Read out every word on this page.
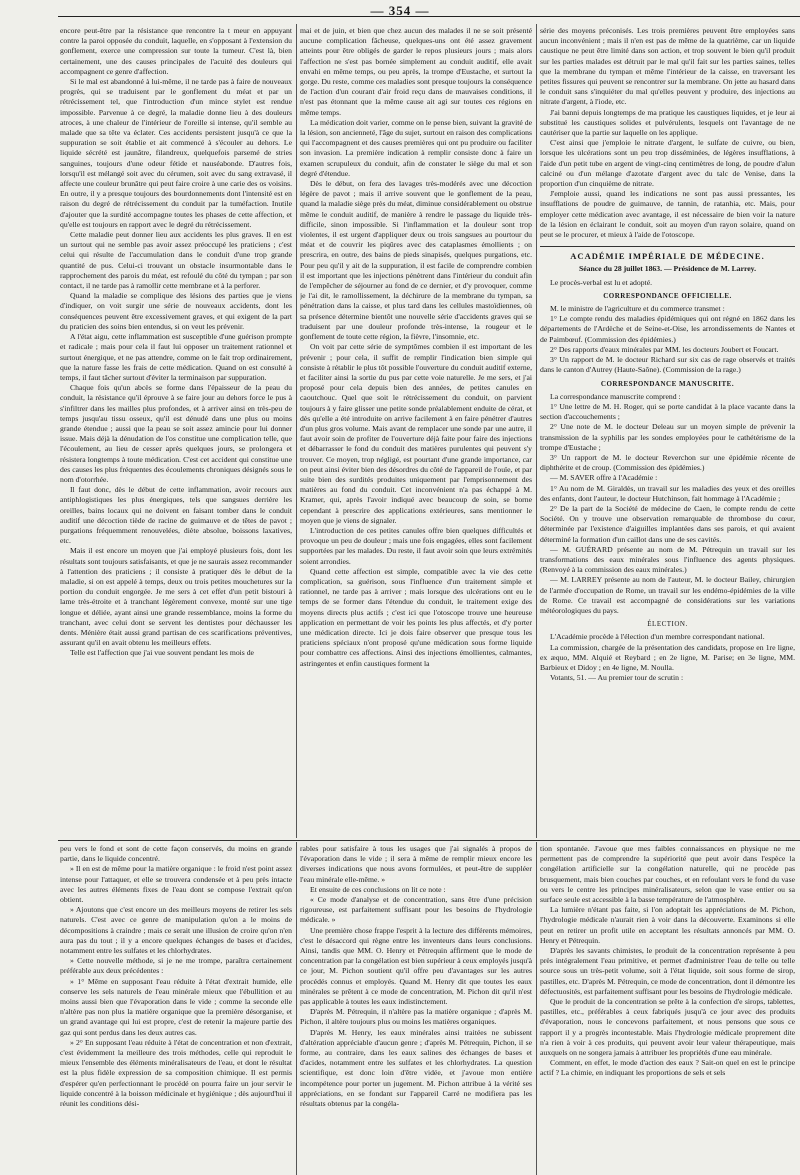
— 354 —

encore peut-être par la résistance que rencontre la t meur en appuyant contre la paroi opposée du conduit, laquelle, en s'opposant à l'extension du gonflement, exerce une compression sur toute la tumeur. C'est là, bien certainement, une des causes principales de l'acuité des douleurs qui accompagnent ce genre d'affection.

Si le mal est abandonné à lui-même, il ne tarde pas à faire de nouveaux progrès, qui se traduisent par le gonflement du méat et par un rétrécissement tel, que l'introduction d'un mince stylet est rendue impossible. Parvenue à ce degré, la maladie donne lieu à des douleurs atroces, à une chaleur de l'intérieur de l'oreille si intense, qu'il semble au malade que sa tête va éclater. Ces accidents persistent jusqu'à ce que la suppuration se soit établie et ait commencé à s'écouler au dehors. Le liquide sécrété est jaunâtre, filandreux, quelquefois parsemé de stries sanguines, toujours d'une odeur fétide et nauséabonde. D'autres fois, lorsqu'il est mélangé soit avec du cérumen, soit avec du sang extravasé, il affecte une couleur brunâtre qui peut faire croire à une carie des os voisins. En outre, il y a presque toujours des bourdonnements dont l'intensité est en raison du degré de rétrécissement du conduit par la tuméfaction. Inutile d'ajouter que la surdité accompagne toutes les phases de cette affection, et qu'elle est toujours en rapport avec le degré du rétrécissement.

Cette maladie peut donner lieu aux accidents les plus graves. Il en est un surtout qui ne semble pas avoir assez préoccupé les praticiens ; c'est celui qui résulte de l'accumulation dans le conduit d'une trop grande quantité de pus. Celui-ci trouvant un obstacle insurmontable dans le rapprochement des parois du méat, est refoulé du côté du tympan ; par son contact, il ne tarde pas à ramollir cette membrane et à la perforer.

Quand la maladie se complique des lésions des parties que je viens d'indiquer, on voit surgir une série de nouveaux accidents, dont les conséquences peuvent être excessivement graves, et qui exigent de la part du praticien des soins bien entendus, si on veut les prévenir.

A l'état aigu, cette inflammation est susceptible d'une guérison prompte et radicale ; mais pour cela il faut lui opposer un traitement rationnel et surtout énergique, et ne pas attendre, comme on le fait trop ordinairement, que la nature fasse les frais de cette médication. Quand on est consulté à temps, il faut tâcher surtout d'éviter la terminaison par suppuration.

Chaque fois qu'un abcès se forme dans l'épaisseur de la peau du conduit, la résistance qu'il éprouve à se faire jour au dehors force le pus à s'infiltrer dans les mailles plus profondes, et à arriver ainsi en très-peu de temps jusqu'au tissu osseux, qu'il est dénudé dans une plus ou moins grande étendue ; aussi que la peau se soit assez amincie pour lui donner issue. Mais déjà la dénudation de l'os constitue une complication telle, que l'écoulement, au lieu de cesser après quelques jours, se prolongera et résistera longtemps à toute médication. C'est cet accident qui constitue une des causes les plus fréquentes des écoulements chroniques désignés sous le nom d'otorrhée.

Il faut donc, dès le début de cette inflammation, avoir recours aux antiphlogistiques les plus énergiques, tels que sangsues derrière les oreilles, bains locaux qui ne doivent en faisant tomber dans le conduit auditif une décoction tiède de racine de guimauve et de têtes de pavot ; purgations fréquemment renouvelées, diète absolue, boissons laxatives, etc.

Mais il est encore un moyen que j'ai employé plusieurs fois, dont les résultats sont toujours satisfaisants, et que je ne saurais assez recommander à l'attention des praticiens ; il consiste à pratiquer dès le début de la maladie, si on est appelé à temps, deux ou trois petites mouchetures sur la portion du conduit engorgée. Je me sers à cet effet d'un petit bistouri à lame très-étroite et à tranchant légèrement convexe, monté sur une tige longue et déliée, ayant ainsi une grande ressemblance, moins la forme du tranchant, avec celui dont se servent les dentistes pour déchausser les dents. Ménière était aussi grand partisan de ces scarifications préventives, assurant qu'il en avait obtenu les meilleurs effets.

Telle est l'affection que j'ai vue souvent pendant les mois de

mai et de juin, et bien que chez aucun des malades il ne se soit présenté aucune complication fâcheuse, quelques-uns ont été assez gravement atteints pour être obligés de garder le repos plusieurs jours ; mais alors l'affection ne s'est pas bornée simplement au conduit auditif, elle avait envahi en même temps, ou peu après, la trompe d'Eustache, et surtout la gorge. Du reste, comme ces maladies sont presque toujours la conséquence de l'action d'un courant d'air froid reçu dans de mauvaises conditions, il n'est pas étonnant que la même cause ait agi sur toutes ces régions en même temps.

La médication doit varier, comme on le pense bien, suivant la gravité de la lésion, son ancienneté, l'âge du sujet, surtout en raison des complications qui l'accompagnent et des causes premières qui ont pu produire ou faciliter son invasion. La première indication à remplir consiste donc à faire un examen scrupuleux du conduit, afin de constater le siège du mal et son degré d'étendue.

Dès le début, on fera des lavages très-modérés avec une décoction légère de pavot ; mais il arrive souvent que le gonflement de la peau, quand la maladie siège près du méat, diminue considérablement ou obstrue même le conduit auditif, de manière à rendre le passage du liquide très-difficile, sinon impossible. Si l'inflammation et la douleur sont trop violentes, il est urgent d'appliquer deux ou trois sangsues au pourtour du méat et de couvrir les piqûres avec des cataplasmes émollients ; on prescrira, en outre, des bains de pieds sinapisés, quelques purgations, etc. Pour peu qu'il y ait de la suppuration, il est facile de comprendre combien il est important que les injections pénètrent dans l'intérieur du conduit afin de l'empêcher de séjourner au fond de ce dernier, et d'y provoquer, comme je l'ai dit, le ramollissement, la déchirure de la membrane du tympan, sa pénétration dans la caisse, et plus tard dans les cellules mastoïdiennes, où sa présence détermine bientôt une nouvelle série d'accidents graves qui se traduisent par une douleur profonde très-intense, la rougeur et le gonflement de toute cette région, la fièvre, l'insomnie, etc.

On voit par cette série de symptômes combien il est important de les prévenir ; pour cela, il suffit de remplir l'indication bien simple qui consiste à rétablir le plus tôt possible l'ouverture du conduit auditif externe, et faciliter ainsi la sortie du pus par cette voie naturelle. Je me sers, et j'ai proposé pour cela depuis bien des années, de petites canules en caoutchouc. Quel que soit le rétrécissement du conduit, on parvient toujours à y faire glisser une petite sonde préalablement enduite de cérat, et dès qu'elle a été introduite on arrive facilement à en faire pénétrer d'autres d'un plus gros volume. Mais avant de remplacer une sonde par une autre, il faut avoir soin de profiter de l'ouverture déjà faite pour faire des injections et débarrasser le fond du conduit des matières purulentes qui peuvent s'y trouver. Ce moyen, trop négligé, est pourtant d'une grande importance, car on peut ainsi éviter bien des désordres du côté de l'appareil de l'ouïe, et par suite bien des surdités produites uniquement par l'emprisonnement des matières au fond du conduit. Cet inconvénient n'a pas échappé à M. Kramer, qui, après l'avoir indiqué avec beaucoup de soin, se borne cependant à prescrire des applications extérieures, sans mentionner le moyen que je viens de signaler.

L'introduction de ces petites canules offre bien quelques difficultés et provoque un peu de douleur ; mais une fois engagées, elles sont facilement supportées par les malades. Du reste, il faut avoir soin que leurs extrémités soient arrondies.

Quand cette affection est simple, compatible avec la vie des cette complication, sa guérison, sous l'influence d'un traitement simple et rationnel, ne tarde pas à arriver ; mais lorsque des ulcérations ont eu le temps de se former dans l'étendue du conduit, le traitement exige des moyens directs plus actifs ; c'est ici que l'otoscope trouve une heureuse application en permettant de voir les points les plus affectés, et d'y porter une médication directe. Ici je dois faire observer que presque tous les praticiens spéciaux n'ont proposé qu'une médication sous forme liquide pour combattre ces affections. Ainsi des injections émollientes, calmantes, astringentes et enfin caustiques forment la

série des moyens préconisés. Les trois premières peuvent être employées sans aucun inconvénient ; mais il n'en est pas de même de la quatrième, car un liquide caustique ne peut être limité dans son action, et trop souvent le bien qu'il produit sur les parties malades est détruit par le mal qu'il fait sur les parties saines, telles que la membrane du tympan et même l'intérieur de la caisse, en traversant les petites fissures qui peuvent se rencontrer sur la membrane. On jette au hasard dans le conduit sans s'inquiéter du mal qu'elles peuvent y produire, des injections au nitrate d'argent, à l'iode, etc.

J'ai banni depuis longtemps de ma pratique les caustiques liquides, et je leur ai substitué les caustiques solides et pulvérulents, lesquels ont l'avantage de ne cautériser que la partie sur laquelle on les applique.

C'est ainsi que j'emploie le nitrate d'argent, le sulfate de cuivre, ou bien, lorsque les ulcérations sont un peu trop disséminées, de légères insufflations, à l'aide d'un petit tube en argent de vingt-cinq centimètres de long, de poudre d'alun calciné ou d'un mélange d'azotate d'argent avec du talc de Venise, dans la proportion d'un cinquième de nitrate.

J'emploie aussi, quand les indications ne sont pas aussi pressantes, les insufflations de poudre de guimauve, de tannin, de ratanhia, etc. Mais, pour employer cette médication avec avantage, il est nécessaire de bien voir la nature de la lésion en éclairant le conduit, soit au moyen d'un rayon solaire, quand on peut se le procurer, et mieux à l'aide de l'otoscope.

ACADÉMIE IMPÉRIALE DE MÉDECINE.
Séance du 28 juillet 1863. — Présidence de M. Larrey.

Le procès-verbal est lu et adopté.

CORRESPONDANCE OFFICIELLE.

M. le ministre de l'agriculture et du commerce transmet :

1° Le compte rendu des maladies épidémiques qui ont régné en 1862 dans les départements de l'Ardèche et de Seine-et-Oise, les arrondissements de Nantes et de Paimbœuf. (Commission des épidémies.)

2° Des rapports d'eaux minérales par MM. les docteurs Joubert et Foucart.

3° Un rapport de M. le docteur Richard sur six cas de rage observés et traités dans le canton d'Autrey (Haute-Saône). (Commission de la rage.)

CORRESPONDANCE MANUSCRITE.

La correspondance manuscrite comprend :

1° Une lettre de M. H. Roger, qui se porte candidat à la place vacante dans la section d'accouchements ;

2° Une note de M. le docteur Deleau sur un moyen simple de prévenir la transmission de la syphilis par les sondes employées pour le cathétérisme de la trompe d'Eustache ;

3° Un rapport de M. le docteur Reverchon sur une épidémie récente de diphthérite et de croup. (Commission des épidémies.)

— M. SAVER offre à l'Académie :

1° Au nom de M. Giraldès, un travail sur les maladies des yeux et des oreilles des enfants, dont l'auteur, le docteur Hutchinson, fait hommage à l'Académie ;

2° De la part de la Société de médecine de Caen, le compte rendu de cette Société. On y trouve une observation remarquable de thrombose du cœur, déterminée par l'existence d'aiguilles implantées dans ses parois, et qui avaient déterminé la formation d'un caillot dans une de ses cavités.

— M. GUÉRARD présente au nom de M. Pétrequin un travail sur les transformations des eaux minérales sous l'influence des agents physiques. (Renvoyé à la commission des eaux minérales.)

— M. LARREY présente au nom de l'auteur, M. le docteur Bailey, chirurgien de l'armée d'occupation de Rome, un travail sur les endémo-épidémies de la ville de Rome. Ce travail est accompagné de considérations sur les variations météorologiques du pays.

ÉLECTION.

L'Académie procède à l'élection d'un membre correspondant national.

La commission, chargée de la présentation des candidats, propose en 1re ligne, ex æquo, MM. Alquié et Reybard ; en 2e ligne, M. Parise; en 3e ligne, MM. Barbieux et Didoy ; en 4e ligne, M. Noulla.

Votants, 51. — Au premier tour de scrutin :

peu vers le fond et sont de cette façon conservés, du moins en grande partie, dans le liquide concentré.

» Il en est de même pour la matière organique : le froid n'est point assez intense pour l'attaquer, et elle se trouvera condensée et à peu près intacte avec les autres éléments fixes de l'eau dont se compose l'extrait qu'on obtient.

» Ajoutons que c'est encore un des meilleurs moyens de retirer les sels naturels. C'est avec ce genre de manipulation qu'on a le moins de décompositions à craindre ; mais ce serait une illusion de croire qu'on n'en aura pas du tout ; il y a encore quelques échanges de bases et d'acides, notamment entre les sulfates et les chlorhydrates.

» Cette nouvelle méthode, si je ne me trompe, paraîtra certainement préférable aux deux précédentes :

» 1° Même en supposant l'eau réduite à l'état d'extrait humide, elle conserve les sels naturels de l'eau minérale mieux que l'ébullition et au moins aussi bien que l'évaporation dans le vide ; comme la seconde elle n'altère pas non plus la matière organique que la première désorganise, et un grand avantage qui lui est propre, c'est de retenir la majeure partie des gaz qui sont perdus dans les deux autres cas.

» 2° En supposant l'eau réduite à l'état de concentration et non d'extrait, c'est évidemment la meilleure des trois méthodes, celle qui reproduit le mieux l'ensemble des éléments minéralisateurs de l'eau, et dont le résultat est la plus fidèle expression de sa composition chimique. Il est permis d'espérer qu'en perfectionnant le procédé on pourra faire un jour servir le liquide concentré à la boisson médicinale et hygiénique ; dès aujourd'hui il réunit les conditions dési-

rables pour satisfaire à tous les usages que j'ai signalés à propos de l'évaporation dans le vide ; il sera à même de remplir mieux encore les diverses indications que nous avons formulées, et peut-être de suppléer l'eau minérale elle-même. »

Et ensuite de ces conclusions on lit ce note :

« Ce mode d'analyse et de concentration, sans être d'une précision rigoureuse, est parfaitement suffisant pour les besoins de l'hydrologie médicale. »

Une première chose frappe l'esprit à la lecture des différents mémoires, c'est le désaccord qui règne entre les inventeurs dans leurs conclusions. Ainsi, tandis que MM. O. Henry et Pétrequin affirment que le mode de concentration par la congélation est bien supérieur à ceux employés jusqu'à ce jour, M. Pichon soutient qu'il offre peu d'avantages sur les autres procédés connus et employés. Quand M. Henry dit que toutes les eaux minérales se prêtent à ce mode de concentration, M. Pichon dit qu'il n'est pas applicable à toutes les eaux indistinctement.

D'après M. Pétrequin, il n'altère pas la matière organique ; d'après M. Pichon, il altère toujours plus ou moins les matières organiques.

D'après M. Henry, les eaux minérales ainsi traitées ne subissent d'altération appréciable d'aucun genre ; d'après M. Pétrequin, Pichon, il se forme, au contraire, dans les eaux salines des échanges de bases et d'acides, notamment entre les sulfates et les chlorhydrates. La question scientifique, est donc loin d'être vidée, et j'avoue mon entière incompétence pour porter un jugement. M. Pichon attribue à la vérité ses appréciations, en se fondant sur l'appareil Carré ne modifiera pas les résultats obtenus par la congéla-

tion spontanée. J'avoue que mes faibles connaissances en physique ne me permettent pas de comprendre la supériorité que peut avoir dans l'espèce la congélation artificielle sur la congélation naturelle, qui ne procède pas brusquement, mais bien couches par couches, et en refoulant vers le fond du vase ou vers le centre les principes minéralisateurs, selon que le vase entier ou sa surface seule est accessible à la basse température de l'atmosphère.

La lumière n'étant pas faite, si l'on adoptait les appréciations de M. Pichon, l'hydrologie médicale n'aurait rien à voir dans la découverte. Examinons si elle peut en retirer un profit utile en acceptant les résultats annoncés par MM. O. Henry et Pétrequin.

D'après les savants chimistes, le produit de la concentration représente à peu près intégralement l'eau primitive, et permet d'administrer l'eau de telle ou telle source sous un très-petit volume, soit à l'état liquide, soit sous forme de sirop, pastilles, etc. D'après M. Pétrequin, ce mode de concentration, dont il démontre les défectuosités, est parfaitement suffisant pour les besoins de l'hydrologie médicale.

Que le produit de la concentration se prête à la confection d'e sirops, tablettes, pastilles, etc., préférables à ceux fabriqués jusqu'à ce jour avec des produits d'évaporation, nous le concevons parfaitement, et nous pensons que sous ce rapport il y a progrès incontestable. Mais l'hydrologie médicale proprement dite n'a rien à voir à ces produits, qui peuvent avoir leur valeur thérapeutique, mais auxquels on ne songera jamais à attribuer les propriétés d'une eau minérale.

Comment, en effet, le mode d'action des eaux ? Sait-on quel en est le principe actif ? La chimie, en indiquant les proportions de sels et sels
